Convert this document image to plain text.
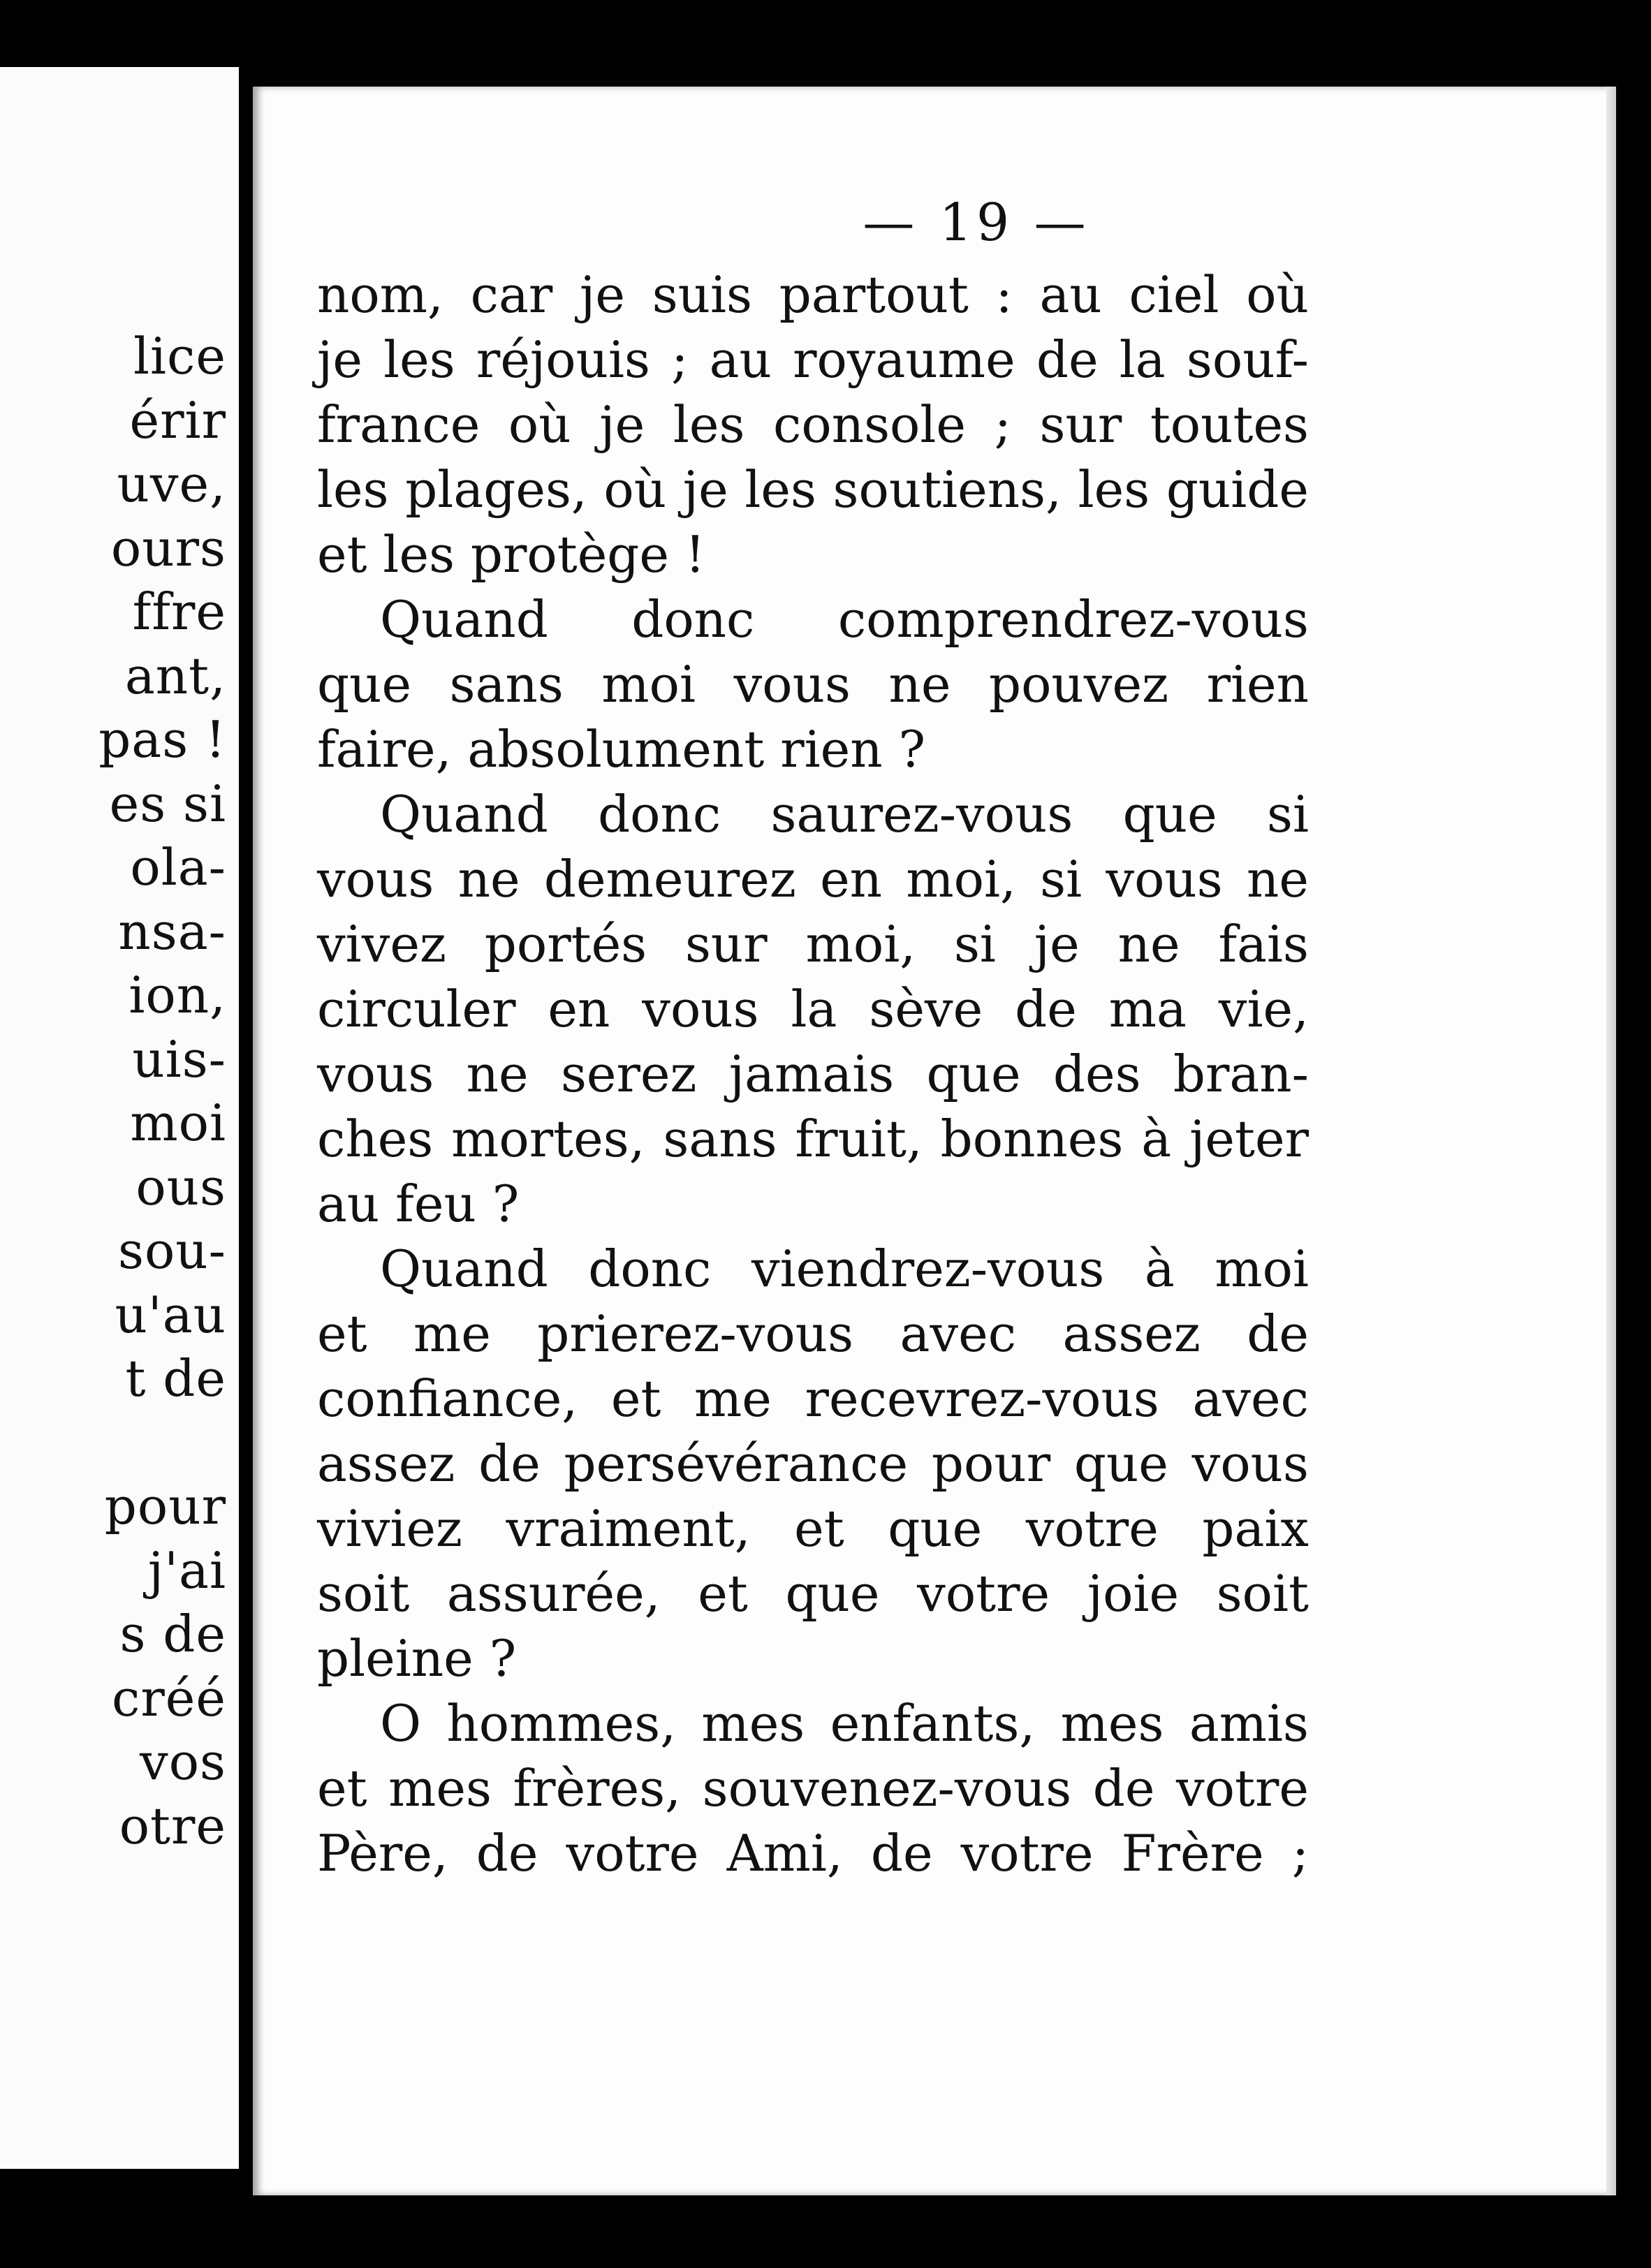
lice
érir
uve,
ours
ffre
ant,
pas !
es si
ola-
nsa-
ion,
uis-
moi
ous
sou-
u'au
t de
pour
j'ai
s de
créé
vos
otre
— 19 —
nom, car je suis partout : au ciel où
je les réjouis ; au royaume de la souf-
france où je les console ; sur toutes
les plages, où je les soutiens, les guide
et les protège !
Quand donc comprendrez-vous
que sans moi vous ne pouvez rien
faire, absolument rien ?
Quand donc saurez-vous que si
vous ne demeurez en moi, si vous ne
vivez portés sur moi, si je ne fais
circuler en vous la sève de ma vie,
vous ne serez jamais que des bran-
ches mortes, sans fruit, bonnes à jeter
au feu ?
Quand donc viendrez-vous à moi
et me prierez-vous avec assez de
confiance, et me recevrez-vous avec
assez de persévérance pour que vous
viviez vraiment, et que votre paix
soit assurée, et que votre joie soit
pleine ?
O hommes, mes enfants, mes amis
et mes frères, souvenez-vous de votre
Père, de votre Ami, de votre Frère ;
